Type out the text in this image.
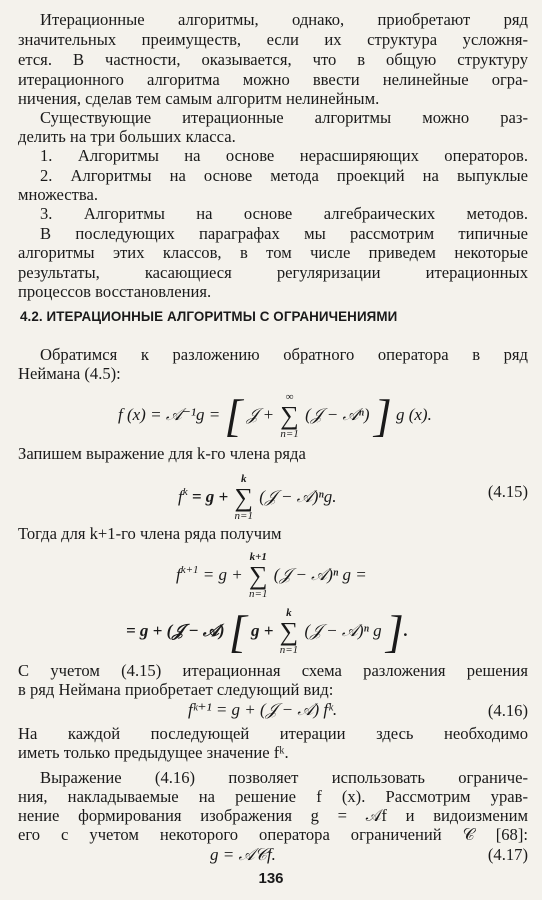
Итерационные алгоритмы, однако, приобретают ряд
значительных преимуществ, если их структура усложня-
ется. В частности, оказывается, что в общую структуру
итерационного алгоритма можно ввести нелинейные огра-
ничения, сделав тем самым алгоритм нелинейным.
Существующие итерационные алгоритмы можно раз-
делить на три больших класса.
1. Алгоритмы на основе нерасширяющих операторов.
2. Алгоритмы на основе метода проекций на выпуклые
множества.
3. Алгоритмы на основе алгебраических методов.
В последующих параграфах мы рассмотрим типичные
алгоритмы этих классов, в том числе приведем некоторые
результаты, касающиеся регуляризации итерационных
процессов восстановления.
4.2. ИТЕРАЦИОННЫЕ АЛГОРИТМЫ С ОГРАНИЧЕНИЯМИ
Обратимся к разложению обратного оператора в ряд
Неймана (4.5):
f (x) = 𝒜⁻¹g = [ 𝒥 +
∞
∑
n=1
(𝒥 − 𝒜ⁿ) ] g (x).
Запишем выражение для k-го члена ряда
$f^k = g$ +
k
∑
n=1
(𝒥 − 𝒜)ⁿg.	(4.15)
Тогда для k+1-го члена ряда получим
$f^{k+1} = g$ +
k+1
∑
n=1
(𝒥 − 𝒜)ⁿ g =
= g + (𝒥 − 𝒜) [ g +
k
∑
n=1
(𝒥 − 𝒜)ⁿ g ].
С учетом (4.15) итерационная схема разложения решения
в ряд Неймана приобретает следующий вид:
fᵏ⁺¹ = g + (𝒥 − 𝒜) fᵏ.	(4.16)
На каждой последующей итерации здесь необходимо
иметь только предыдущее значение fᵏ.
Выражение (4.16) позволяет использовать ограниче-
ния, накладываемые на решение f (x). Рассмотрим урав-
нение формирования изображения g = 𝒜f и видоизменим
его с учетом некоторого оператора ограничений 𝒞 [68]:
g = 𝒜𝒞f.	(4.17)
136
